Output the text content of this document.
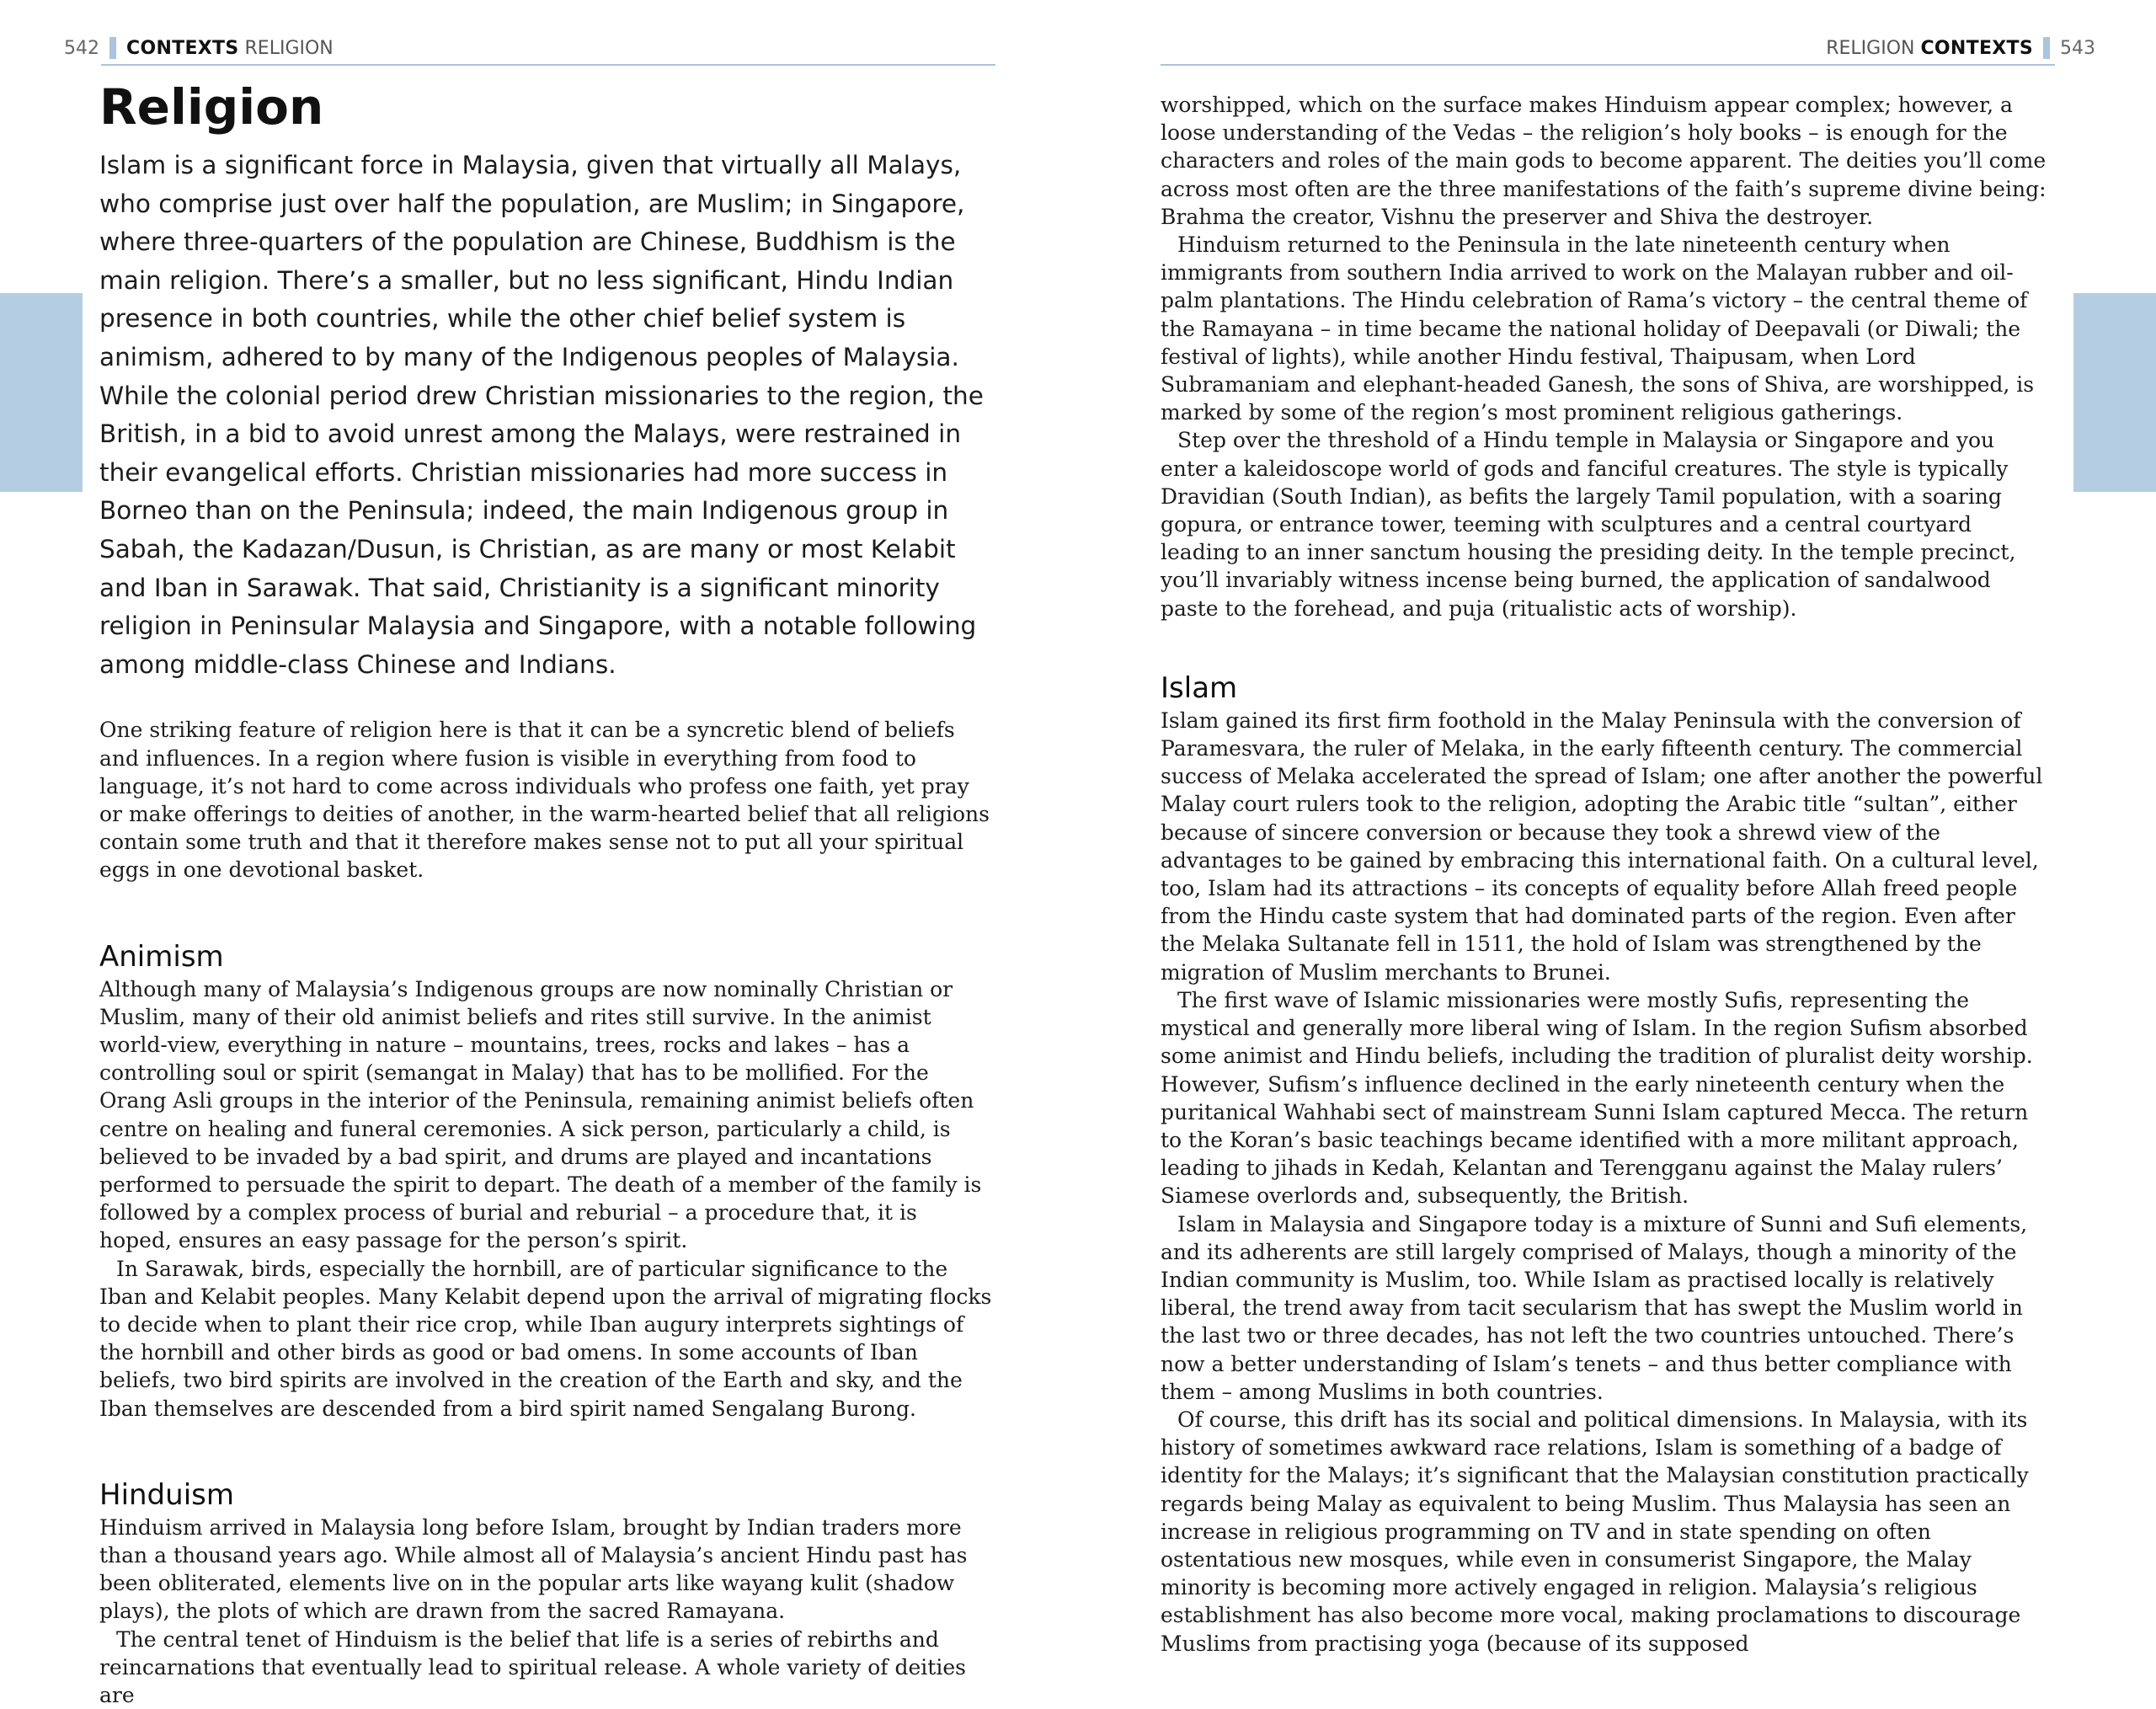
542 CONTEXTS
RELIGION
Religion

Islam is a significant force in Malaysia, given that virtually all Malays, who comprise just over half the population, are Muslim; in Singapore, where three-quarters of the population are Chinese, Buddhism is the main religion. There’s a smaller, but no less significant, Hindu Indian presence in both countries, while the other chief belief system is animism, adhered to by many of the Indigenous peoples of Malaysia. While the colonial period drew Christian missionaries to the region, the British, in a bid to avoid unrest among the Malays, were restrained in their evangelical efforts. Christian missionaries had more success in Borneo than on the Peninsula; indeed, the main Indigenous group in Sabah, the Kadazan/Dusun, is Christian, as are many or most Kelabit and Iban in Sarawak. That said, Christianity is a significant minority religion in Peninsular Malaysia and Singapore, with a notable following among middle-class Chinese and Indians.

One striking feature of religion here is that it can be a syncretic blend of beliefs and influences. In a region where fusion is visible in everything from food to language, it’s not hard to come across individuals who profess one faith, yet pray or make offerings to deities of another, in the warm-hearted belief that all religions contain some truth and that it therefore makes sense not to put all your spiritual eggs in one devotional basket.

Animism

Although many of Malaysia’s Indigenous groups are now nominally Christian or Muslim, many of their old animist beliefs and rites still survive. In the animist world-view, everything in nature – mountains, trees, rocks and lakes – has a controlling soul or spirit (semangat in Malay) that has to be mollified. For the Orang Asli groups in the interior of the Peninsula, remaining animist beliefs often centre on healing and funeral ceremonies. A sick person, particularly a child, is believed to be invaded by a bad spirit, and drums are played and incantations performed to persuade the spirit to depart. The death of a member of the family is followed by a complex process of burial and reburial – a procedure that, it is hoped, ensures an easy passage for the person’s spirit.

In Sarawak, birds, especially the hornbill, are of particular significance to the Iban and Kelabit peoples. Many Kelabit depend upon the arrival of migrating flocks to decide when to plant their rice crop, while Iban augury interprets sightings of the hornbill and other birds as good or bad omens. In some accounts of Iban beliefs, two bird spirits are involved in the creation of the Earth and sky, and the Iban themselves are descended from a bird spirit named Sengalang Burong.

Hinduism

Hinduism arrived in Malaysia long before Islam, brought by Indian traders more than a thousand years ago. While almost all of Malaysia’s ancient Hindu past has been obliterated, elements live on in the popular arts like wayang kulit (shadow plays), the plots of which are drawn from the sacred Ramayana.

The central tenet of Hinduism is the belief that life is a series of rebirths and reincarnations that eventually lead to spiritual release. A whole variety of deities are

RELIGION
CONTEXTS 543

worshipped, which on the surface makes Hinduism appear complex; however, a loose understanding of the Vedas – the religion’s holy books – is enough for the characters and roles of the main gods to become apparent. The deities you’ll come across most often are the three manifestations of the faith’s supreme divine being: Brahma the creator, Vishnu the preserver and Shiva the destroyer.

Hinduism returned to the Peninsula in the late nineteenth century when immigrants from southern India arrived to work on the Malayan rubber and oil-palm plantations. The Hindu celebration of Rama’s victory – the central theme of the Ramayana – in time became the national holiday of Deepavali (or Diwali; the festival of lights), while another Hindu festival, Thaipusam, when Lord Subramaniam and elephant-headed Ganesh, the sons of Shiva, are worshipped, is marked by some of the region’s most prominent religious gatherings.

Step over the threshold of a Hindu temple in Malaysia or Singapore and you enter a kaleidoscope world of gods and fanciful creatures. The style is typically Dravidian (South Indian), as befits the largely Tamil population, with a soaring gopura, or entrance tower, teeming with sculptures and a central courtyard leading to an inner sanctum housing the presiding deity. In the temple precinct, you’ll invariably witness incense being burned, the application of sandalwood paste to the forehead, and puja (ritualistic acts of worship).

Islam

Islam gained its first firm foothold in the Malay Peninsula with the conversion of Paramesvara, the ruler of Melaka, in the early fifteenth century. The commercial success of Melaka accelerated the spread of Islam; one after another the powerful Malay court rulers took to the religion, adopting the Arabic title “sultan”, either because of sincere conversion or because they took a shrewd view of the advantages to be gained by embracing this international faith. On a cultural level, too, Islam had its attractions – its concepts of equality before Allah freed people from the Hindu caste system that had dominated parts of the region. Even after the Melaka Sultanate fell in 1511, the hold of Islam was strengthened by the migration of Muslim merchants to Brunei.

The first wave of Islamic missionaries were mostly Sufis, representing the mystical and generally more liberal wing of Islam. In the region Sufism absorbed some animist and Hindu beliefs, including the tradition of pluralist deity worship. However, Sufism’s influence declined in the early nineteenth century when the puritanical Wahhabi sect of mainstream Sunni Islam captured Mecca. The return to the Koran’s basic teachings became identified with a more militant approach, leading to jihads in Kedah, Kelantan and Terengganu against the Malay rulers’ Siamese overlords and, subsequently, the British.

Islam in Malaysia and Singapore today is a mixture of Sunni and Sufi elements, and its adherents are still largely comprised of Malays, though a minority of the Indian community is Muslim, too. While Islam as practised locally is relatively liberal, the trend away from tacit secularism that has swept the Muslim world in the last two or three decades, has not left the two countries untouched. There’s now a better understanding of Islam’s tenets – and thus better compliance with them – among Muslims in both countries.

Of course, this drift has its social and political dimensions. In Malaysia, with its history of sometimes awkward race relations, Islam is something of a badge of identity for the Malays; it’s significant that the Malaysian constitution practically regards being Malay as equivalent to being Muslim. Thus Malaysia has seen an increase in religious programming on TV and in state spending on often ostentatious new mosques, while even in consumerist Singapore, the Malay minority is becoming more actively engaged in religion. Malaysia’s religious establishment has also become more vocal, making proclamations to discourage Muslims from practising yoga (because of its supposed
